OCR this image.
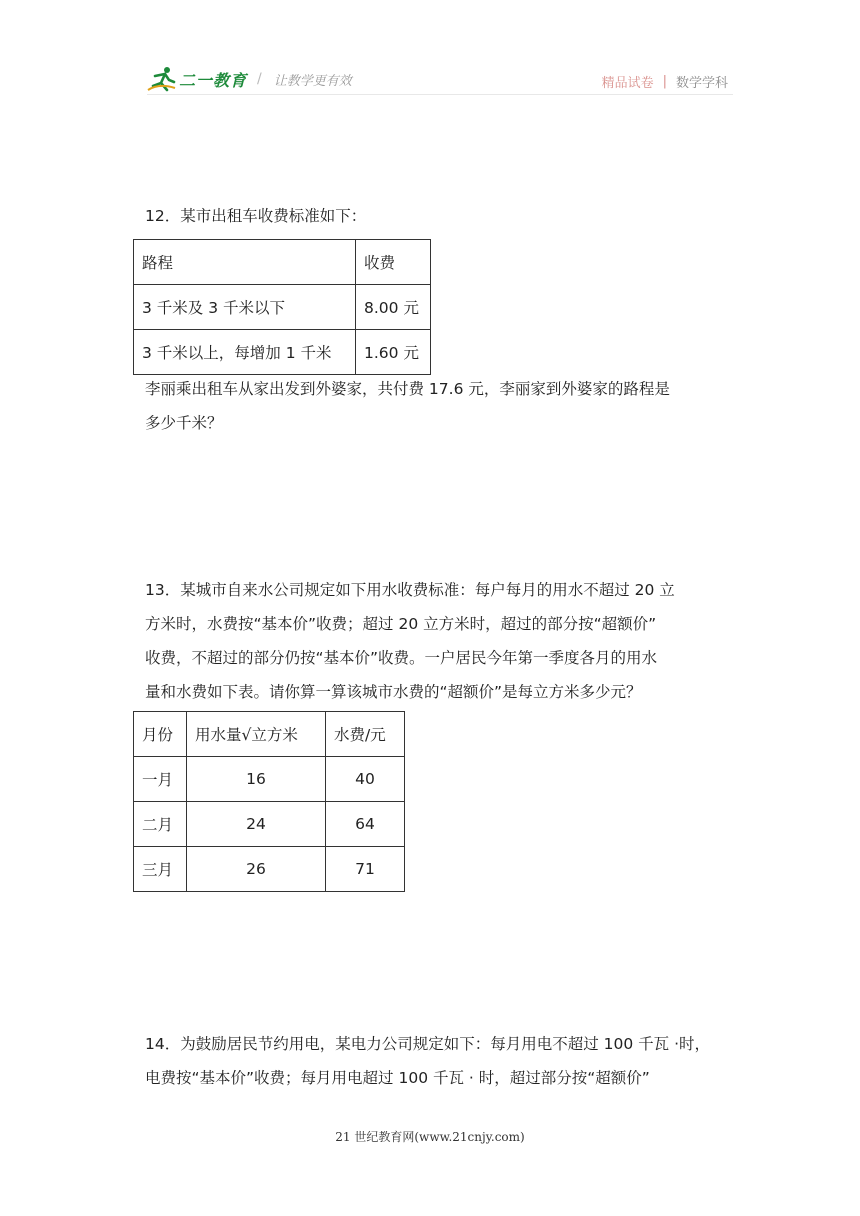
二一教育 / 让教学更有效	精品试卷 | 数学学科

12．某市出租车收费标准如下：

路程	收费
3 千米及 3 千米以下	8.00 元
3 千米以上，每增加 1 千米	1.60 元

李丽乘出租车从家出发到外婆家，共付费 17.6 元，李丽家到外婆家的路程是

多少千米？

13．某城市自来水公司规定如下用水收费标准：每户每月的用水不超过 20 立

方米时，水费按“基本价”收费；超过 20 立方米时，超过的部分按“超额价”

收费，不超过的部分仍按“基本价”收费。一户居民今年第一季度各月的用水

量和水费如下表。请你算一算该城市水费的“超额价”是每立方米多少元？

月份	用水量√立方米	水费/元
一月	16	40
二月	24	64
三月	26	71

14．为鼓励居民节约用电，某电力公司规定如下：每月用电不超过 100 千瓦 ·时，

电费按“基本价”收费；每月用电超过 100 千瓦 · 时，超过部分按“超额价”

21 世纪教育网(www.21cnjy.com)
